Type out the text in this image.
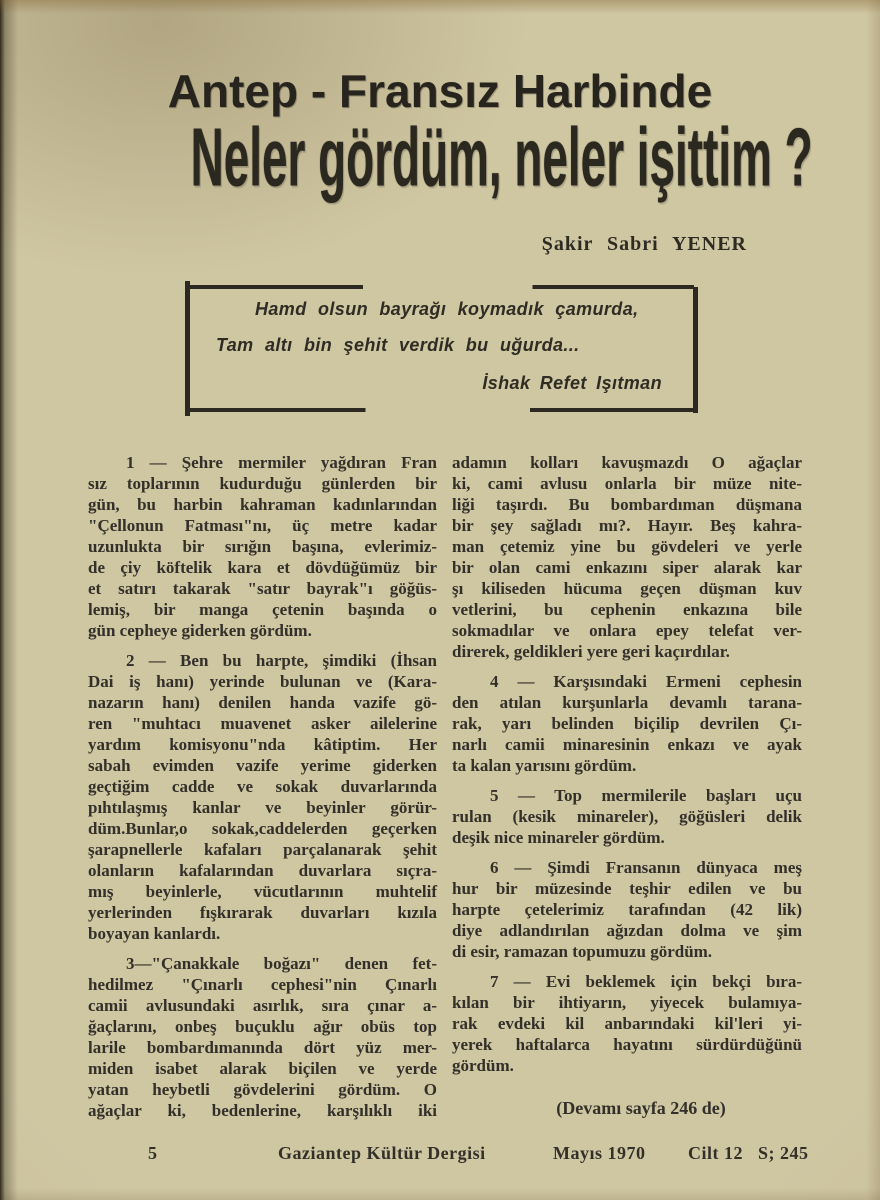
Antep - Fransız Harbinde
Neler gördüm, neler işittim ?
Şakir Sabri YENER
Hamd olsun bayrağı koymadık çamurda,
Tam altı bin şehit verdik bu uğurda...
İshak Refet Işıtman
1 — Şehre mermiler yağdıran Fran
sız toplarının kudurduğu günlerden bir
gün, bu harbin kahraman kadınlarından
"Çellonun Fatması"nı, üç metre kadar
uzunlukta bir sırığın başına, evlerimiz-
de çiy köftelik kara et dövdüğümüz bir
et satırı takarak "satır bayrak"ı göğüs-
lemiş, bir manga çetenin başında o
gün cepheye giderken gördüm.
2 — Ben bu harpte, şimdiki (İhsan
Dai iş hanı) yerinde bulunan ve (Kara-
nazarın hanı) denilen handa vazife gö-
ren "muhtacı muavenet asker ailelerine
yardım komisyonu"nda kâtiptim. Her
sabah evimden vazife yerime giderken
geçtiğim cadde ve sokak duvarlarında
pıhtılaşmış kanlar ve beyinler görür-
düm.Bunlar,o sokak,caddelerden geçerken
şarapnellerle kafaları parçalanarak şehit
olanların kafalarından duvarlara sıçra-
mış beyinlerle, vücutlarının muhtelif
yerlerinden fışkırarak duvarları kızıla
boyayan kanlardı.
3—"Çanakkale boğazı" denen fet-
hedilmez "Çınarlı cephesi"nin Çınarlı
camii avlusundaki asırlık, sıra çınar a-
ğaçlarını, onbeş buçuklu ağır obüs top
larile bombardımanında dört yüz mer-
miden isabet alarak biçilen ve yerde
yatan heybetli gövdelerini gördüm. O
ağaçlar ki, bedenlerine, karşılıklı iki
adamın kolları kavuşmazdı O ağaçlar
ki, cami avlusu onlarla bir müze nite-
liği taşırdı. Bu bombardıman düşmana
bir şey sağladı mı?. Hayır. Beş kahra-
man çetemiz yine bu gövdeleri ve yerle
bir olan cami enkazını siper alarak kar
şı kiliseden hücuma geçen düşman kuv
vetlerini, bu cephenin enkazına bile
sokmadılar ve onlara epey telefat ver-
direrek, geldikleri yere geri kaçırdılar.
4 — Karşısındaki Ermeni cephesin
den atılan kurşunlarla devamlı tarana-
rak, yarı belinden biçilip devrilen Çı-
narlı camii minaresinin enkazı ve ayak
ta kalan yarısını gördüm.
5 — Top mermilerile başları uçu
rulan (kesik minareler), göğüsleri delik
deşik nice minareler gördüm.
6 — Şimdi Fransanın dünyaca meş
hur bir müzesinde teşhir edilen ve bu
harpte çetelerimiz tarafından (42 lik)
diye adlandırılan ağızdan dolma ve şim
di esir, ramazan topumuzu gördüm.
7 — Evi beklemek için bekçi bıra-
kılan bir ihtiyarın, yiyecek bulamıya-
rak evdeki kil anbarındaki kil'leri yi-
yerek haftalarca hayatını sürdürdüğünü
gördüm.
(Devamı sayfa 246 de)
5	Gaziantep Kültür Dergisi	Mayıs 1970 Cilt 12   S; 245
